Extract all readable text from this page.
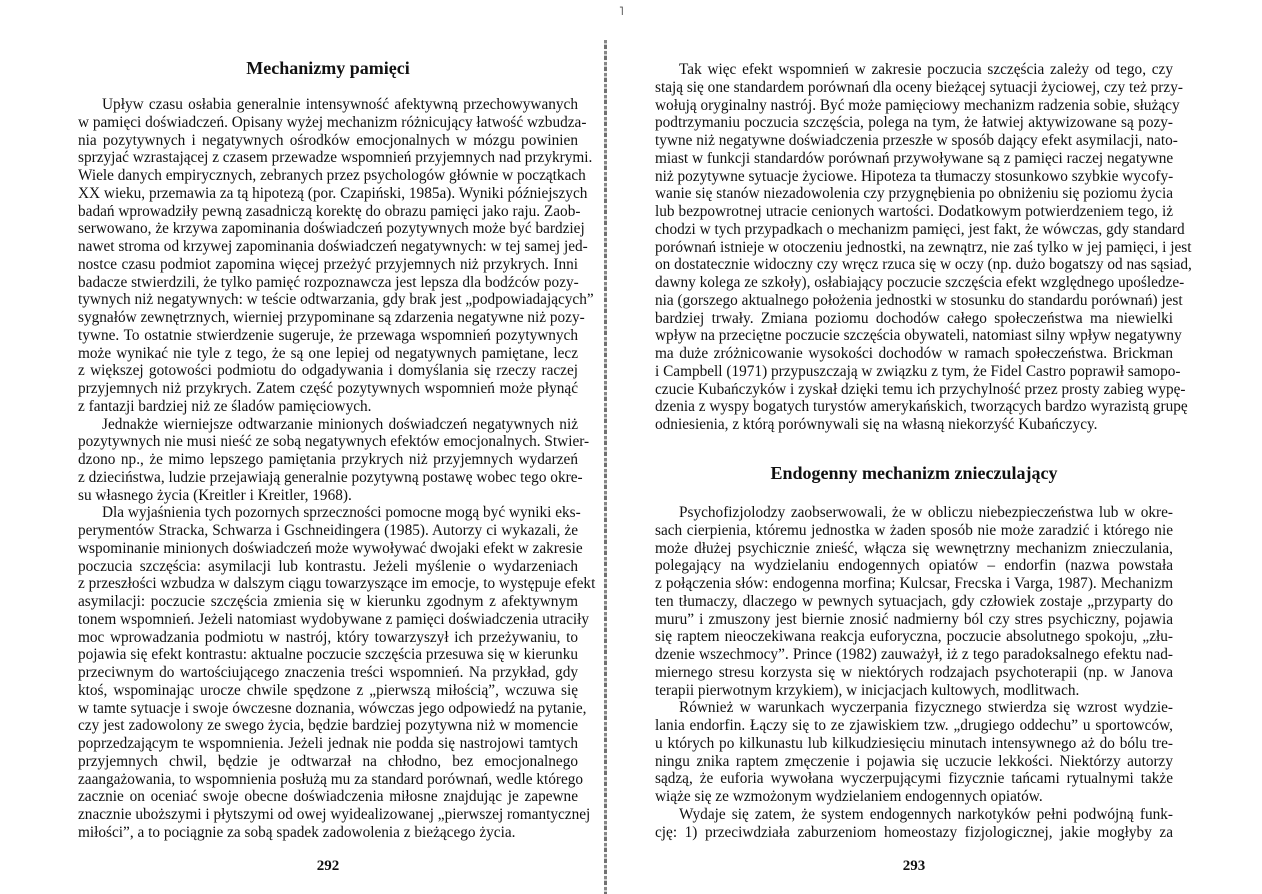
˥
Mechanizmy pamięci
Upływ czasu osłabia generalnie intensywność afektywną przechowywanych
w pamięci doświadczeń. Opisany wyżej mechanizm różnicujący łatwość wzbudza-
nia pozytywnych i negatywnych ośrodków emocjonalnych w mózgu powinien
sprzyjać wzrastającej z czasem przewadze wspomnień przyjemnych nad przykrymi.
Wiele danych empirycznych, zebranych przez psychologów głównie w początkach
XX wieku, przemawia za tą hipotezą (por. Czapiński, 1985a). Wyniki późniejszych
badań wprowadziły pewną zasadniczą korektę do obrazu pamięci jako raju. Zaob-
serwowano, że krzywa zapominania doświadczeń pozytywnych może być bardziej
nawet stroma od krzywej zapominania doświadczeń negatywnych: w tej samej jed-
nostce czasu podmiot zapomina więcej przeżyć przyjemnych niż przykrych. Inni
badacze stwierdzili, że tylko pamięć rozpoznawcza jest lepsza dla bodźców pozy-
tywnych niż negatywnych: w teście odtwarzania, gdy brak jest „podpowiadających”
sygnałów zewnętrznych, wierniej przypominane są zdarzenia negatywne niż pozy-
tywne. To ostatnie stwierdzenie sugeruje, że przewaga wspomnień pozytywnych
może wynikać nie tyle z tego, że są one lepiej od negatywnych pamiętane, lecz
z większej gotowości podmiotu do odgadywania i domyślania się rzeczy raczej
przyjemnych niż przykrych. Zatem część pozytywnych wspomnień może płynąć
z fantazji bardziej niż ze śladów pamięciowych.
Jednakże wierniejsze odtwarzanie minionych doświadczeń negatywnych niż
pozytywnych nie musi nieść ze sobą negatywnych efektów emocjonalnych. Stwier-
dzono np., że mimo lepszego pamiętania przykrych niż przyjemnych wydarzeń
z dzieciństwa, ludzie przejawiają generalnie pozytywną postawę wobec tego okre-
su własnego życia (Kreitler i Kreitler, 1968).
Dla wyjaśnienia tych pozornych sprzeczności pomocne mogą być wyniki eks-
perymentów Stracka, Schwarza i Gschneidingera (1985). Autorzy ci wykazali, że
wspominanie minionych doświadczeń może wywoływać dwojaki efekt w zakresie
poczucia szczęścia: asymilacji lub kontrastu. Jeżeli myślenie o wydarzeniach
z przeszłości wzbudza w dalszym ciągu towarzyszące im emocje, to występuje efekt
asymilacji: poczucie szczęścia zmienia się w kierunku zgodnym z afektywnym
tonem wspomnień. Jeżeli natomiast wydobywane z pamięci doświadczenia utraciły
moc wprowadzania podmiotu w nastrój, który towarzyszył ich przeżywaniu, to
pojawia się efekt kontrastu: aktualne poczucie szczęścia przesuwa się w kierunku
przeciwnym do wartościującego znaczenia treści wspomnień. Na przykład, gdy
ktoś, wspominając urocze chwile spędzone z „pierwszą miłością”, wczuwa się
w tamte sytuacje i swoje ówczesne doznania, wówczas jego odpowiedź na pytanie,
czy jest zadowolony ze swego życia, będzie bardziej pozytywna niż w momencie
poprzedzającym te wspomnienia. Jeżeli jednak nie podda się nastrojowi tamtych
przyjemnych chwil, będzie je odtwarzał na chłodno, bez emocjonalnego
zaangażowania, to wspomnienia posłużą mu za standard porównań, wedle którego
zacznie on oceniać swoje obecne doświadczenia miłosne znajdując je zapewne
znacznie uboższymi i płytszymi od owej wyidealizowanej „pierwszej romantycznej
miłości”, a to pociągnie za sobą spadek zadowolenia z bieżącego życia.
292
Tak więc efekt wspomnień w zakresie poczucia szczęścia zależy od tego, czy
stają się one standardem porównań dla oceny bieżącej sytuacji życiowej, czy też przy-
wołują oryginalny nastrój. Być może pamięciowy mechanizm radzenia sobie, służący
podtrzymaniu poczucia szczęścia, polega na tym, że łatwiej aktywizowane są pozy-
tywne niż negatywne doświadczenia przeszłe w sposób dający efekt asymilacji, nato-
miast w funkcji standardów porównań przywoływane są z pamięci raczej negatywne
niż pozytywne sytuacje życiowe. Hipoteza ta tłumaczy stosunkowo szybkie wycofy-
wanie się stanów niezadowolenia czy przygnębienia po obniżeniu się poziomu życia
lub bezpowrotnej utracie cenionych wartości. Dodatkowym potwierdzeniem tego, iż
chodzi w tych przypadkach o mechanizm pamięci, jest fakt, że wówczas, gdy standard
porównań istnieje w otoczeniu jednostki, na zewnątrz, nie zaś tylko w jej pamięci, i jest
on dostatecznie widoczny czy wręcz rzuca się w oczy (np. dużo bogatszy od nas sąsiad,
dawny kolega ze szkoły), osłabiający poczucie szczęścia efekt względnego upośledze-
nia (gorszego aktualnego położenia jednostki w stosunku do standardu porównań) jest
bardziej trwały. Zmiana poziomu dochodów całego społeczeństwa ma niewielki
wpływ na przeciętne poczucie szczęścia obywateli, natomiast silny wpływ negatywny
ma duże zróżnicowanie wysokości dochodów w ramach społeczeństwa. Brickman
i Campbell (1971) przypuszczają w związku z tym, że Fidel Castro poprawił samopo-
czucie Kubańczyków i zyskał dzięki temu ich przychylność przez prosty zabieg wypę-
dzenia z wyspy bogatych turystów amerykańskich, tworzących bardzo wyrazistą grupę
odniesienia, z którą porównywali się na własną niekorzyść Kubańczycy.
Endogenny mechanizm znieczulający
Psychofizjolodzy zaobserwowali, że w obliczu niebezpieczeństwa lub w okre-
sach cierpienia, któremu jednostka w żaden sposób nie może zaradzić i którego nie
może dłużej psychicznie znieść, włącza się wewnętrzny mechanizm znieczulania,
polegający na wydzielaniu endogennych opiatów – endorfin (nazwa powstała
z połączenia słów: endogenna morfina; Kulcsar, Frecska i Varga, 1987). Mechanizm
ten tłumaczy, dlaczego w pewnych sytuacjach, gdy człowiek zostaje „przyparty do
muru” i zmuszony jest biernie znosić nadmierny ból czy stres psychiczny, pojawia
się raptem nieoczekiwana reakcja euforyczna, poczucie absolutnego spokoju, „złu-
dzenie wszechmocy”. Prince (1982) zauważył, iż z tego paradoksalnego efektu nad-
miernego stresu korzysta się w niektórych rodzajach psychoterapii (np. w Janova
terapii pierwotnym krzykiem), w inicjacjach kultowych, modlitwach.
Również w warunkach wyczerpania fizycznego stwierdza się wzrost wydzie-
lania endorfin. Łączy się to ze zjawiskiem tzw. „drugiego oddechu” u sportowców,
u których po kilkunastu lub kilkudziesięciu minutach intensywnego aż do bólu tre-
ningu znika raptem zmęczenie i pojawia się uczucie lekkości. Niektórzy autorzy
sądzą, że euforia wywołana wyczerpującymi fizycznie tańcami rytualnymi także
wiąże się ze wzmożonym wydzielaniem endogennych opiatów.
Wydaje się zatem, że system endogennych narkotyków pełni podwójną funk-
cję: 1) przeciwdziała zaburzeniom homeostazy fizjologicznej, jakie mogłyby za
293
